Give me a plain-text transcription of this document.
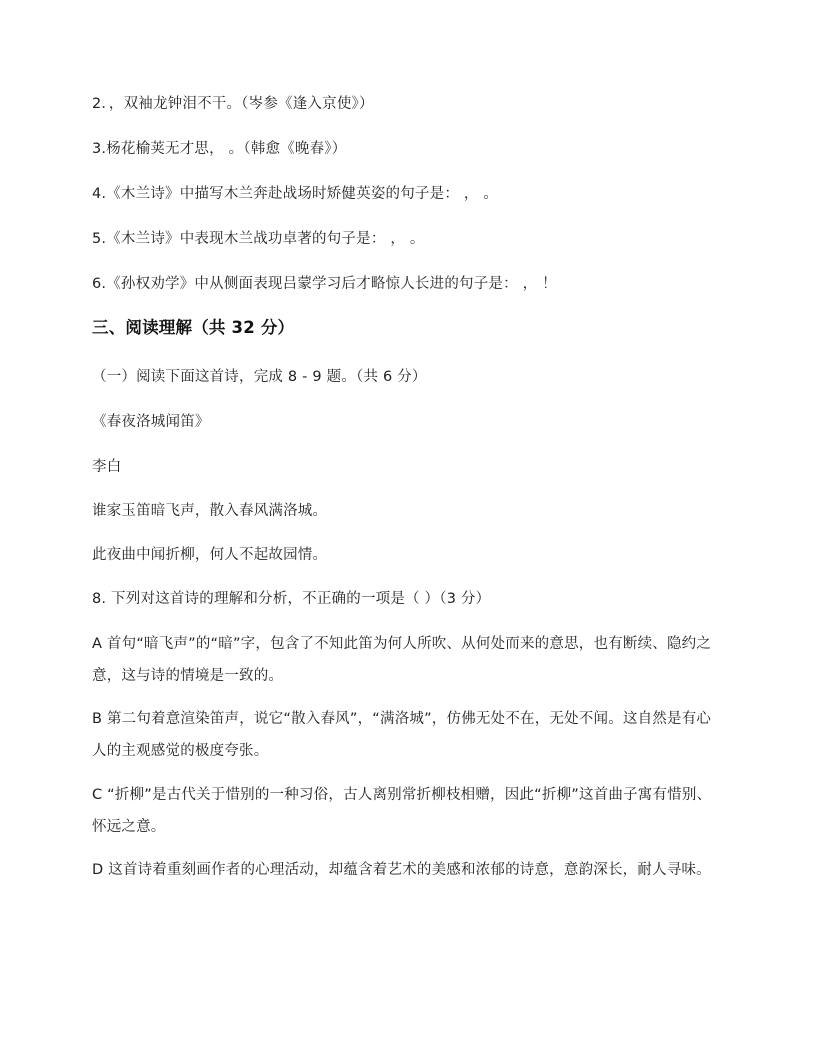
2．，双袖龙钟泪不干。（岑参《逢入京使》）
3.杨花榆荚无才思， 。（韩愈《晚春》）
4.《木兰诗》中描写木兰奔赴战场时矫健英姿的句子是： ， 。
5.《木兰诗》中表现木兰战功卓著的句子是： ， 。
6.《孙权劝学》中从侧面表现吕蒙学习后才略惊人长进的句子是： ， ！
三、阅读理解（共 32 分）
（一）阅读下面这首诗，完成 8 - 9 题。（共 6 分）
《春夜洛城闻笛》
李白
谁家玉笛暗飞声，散入春风满洛城。
此夜曲中闻折柳，何人不起故园情。
8. 下列对这首诗的理解和分析，不正确的一项是（ ）（3 分）
A 首句“暗飞声”的“暗”字，包含了不知此笛为何人所吹、从何处而来的意思，也有断续、隐约之意，这与诗的情境是一致的。
B 第二句着意渲染笛声，说它“散入春风”，“满洛城”，仿佛无处不在，无处不闻。这自然是有心人的主观感觉的极度夸张。
C “折柳”是古代关于惜别的一种习俗，古人离别常折柳枝相赠，因此“折柳”这首曲子寓有惜别、怀远之意。
D 这首诗着重刻画作者的心理活动，却蕴含着艺术的美感和浓郁的诗意，意韵深长，耐人寻味。
